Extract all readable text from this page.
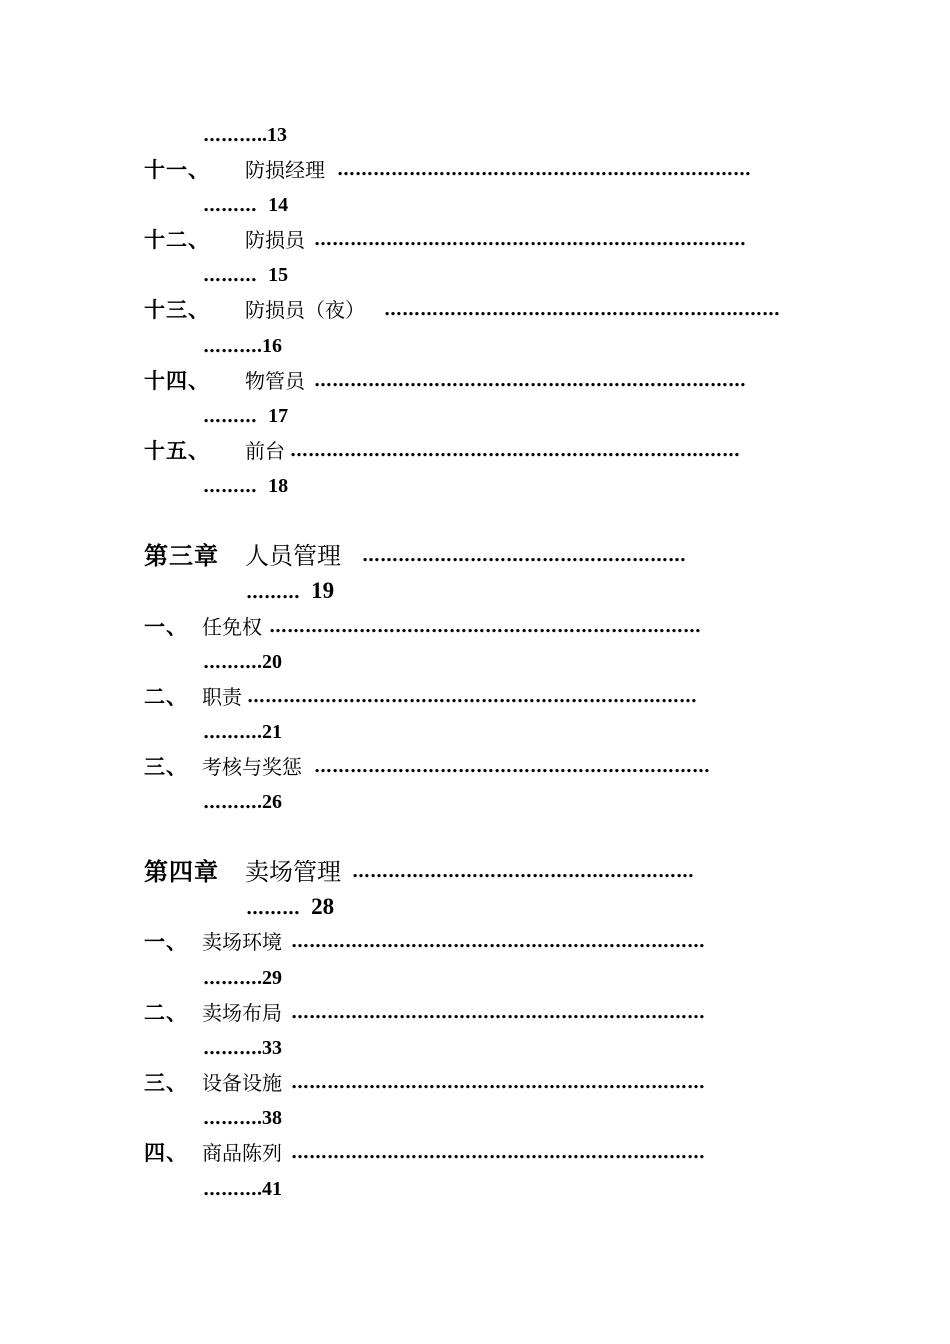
………..13
十一、 防损经理 ……………………………………………………………
……… 14
十二、 防损员 ………………………………………………………………
……… 15
十三、 防损员（夜） …………………………………………………………
……….16
十四、 物管员 ………………………………………………………………
……… 17
十五、 前台 …………………………………………………………………
……… 18
第三章 人员管理 ………………………………………………
……… 19
一、 任免权 ………………………………………………………………
……….20
二、 职责 …………………………………………………………………
……….21
三、 考核与奖惩 …………………………………………………………
……….26
第四章 卖场管理 …………………………………………………
……… 28
一、 卖场环境 ……………………………………………………………
……….29
二、 卖场布局 ……………………………………………………………
……….33
三、 设备设施 ……………………………………………………………
……….38
四、 商品陈列 ……………………………………………………………
……….41
